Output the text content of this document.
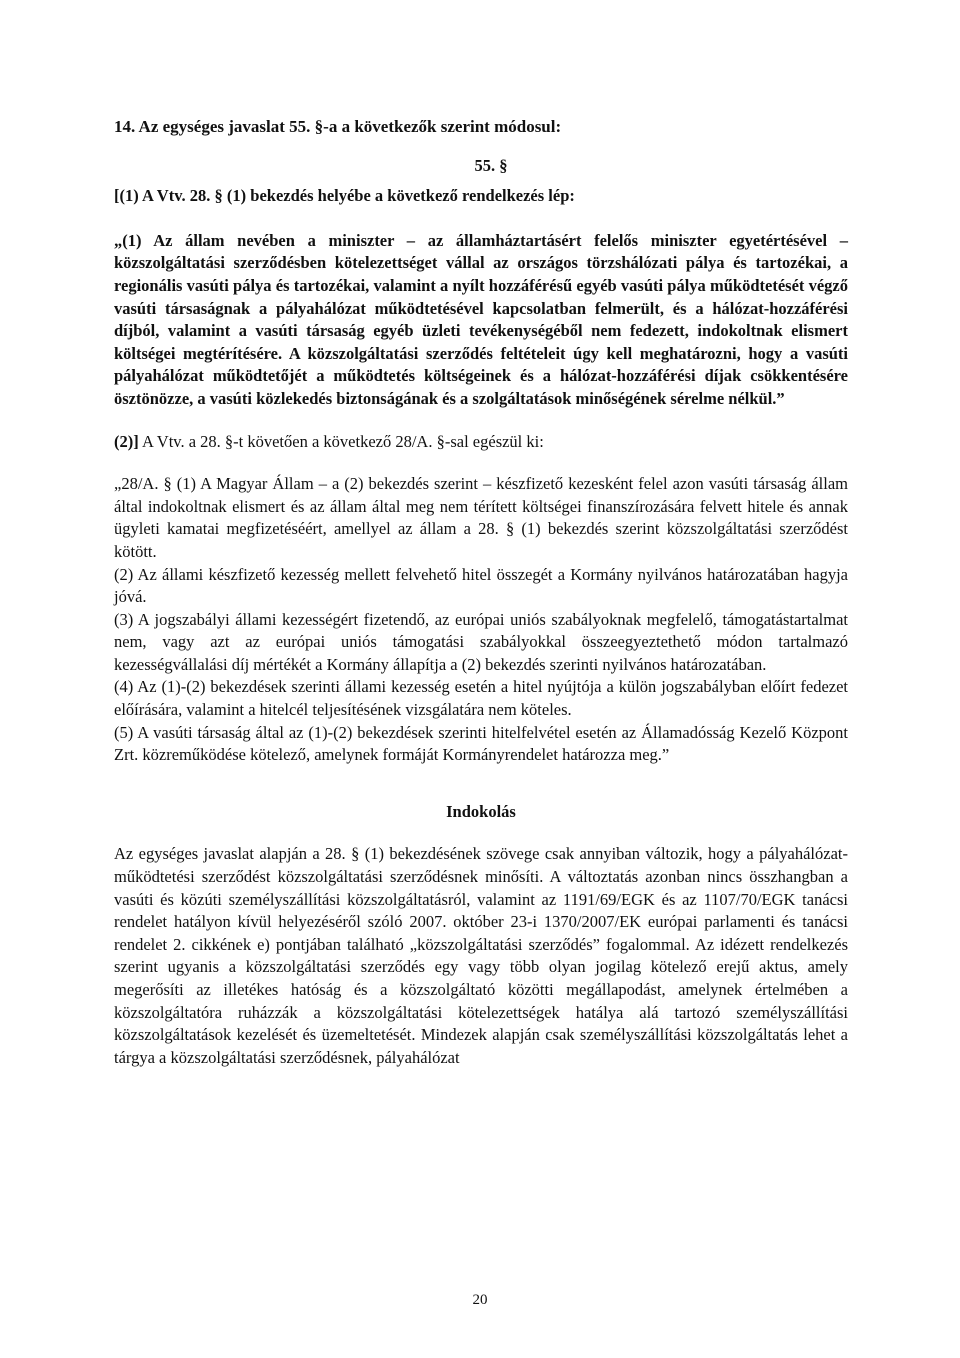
14. Az egységes javaslat 55. §-a a következők szerint módosul:

55. §

[(1) A Vtv. 28. § (1) bekezdés helyébe a következő rendelkezés lép:

„(1) Az állam nevében a miniszter – az államháztartásért felelős miniszter egyetértésével – közszolgáltatási szerződésben kötelezettséget vállal az országos törzshálózati pálya és tartozékai, a regionális vasúti pálya és tartozékai, valamint a nyílt hozzáférésű egyéb vasúti pálya működtetését végző vasúti társaságnak a pályahálózat működtetésével kapcsolatban felmerült, és a hálózat-hozzáférési díjból, valamint a vasúti társaság egyéb üzleti tevékenységéből nem fedezett, indokoltnak elismert költségei megtérítésére. A közszolgáltatási szerződés feltételeit úgy kell meghatározni, hogy a vasúti pályahálózat működtetőjét a működtetés költségeinek és a hálózat-hozzáférési díjak csökkentésére ösztönözze, a vasúti közlekedés biztonságának és a szolgáltatások minőségének sérelme nélkül.”

(2)] A Vtv. a 28. §-t követően a következő 28/A. §-sal egészül ki:

„28/A. § (1) A Magyar Állam – a (2) bekezdés szerint – készfizető kezesként felel azon vasúti társaság állam által indokoltnak elismert és az állam által meg nem térített költségei finanszírozására felvett hitele és annak ügyleti kamatai megfizetéséért, amellyel az állam a 28. § (1) bekezdés szerint közszolgáltatási szerződést kötött.

(2) Az állami készfizető kezesség mellett felvehető hitel összegét a Kormány nyilvános határozatában hagyja jóvá.

(3) A jogszabályi állami kezességért fizetendő, az európai uniós szabályoknak megfelelő, támogatástartalmat nem, vagy azt az európai uniós támogatási szabályokkal összeegyeztethető módon tartalmazó kezességvállalási díj mértékét a Kormány állapítja a (2) bekezdés szerinti nyilvános határozatában.

(4) Az (1)-(2) bekezdések szerinti állami kezesség esetén a hitel nyújtója a külön jogszabályban előírt fedezet előírására, valamint a hitelcél teljesítésének vizsgálatára nem köteles.

(5) A vasúti társaság által az (1)-(2) bekezdések szerinti hitelfelvétel esetén az Államadósság Kezelő Központ Zrt. közreműködése kötelező, amelynek formáját Kormányrendelet határozza meg.”

Indokolás

Az egységes javaslat alapján a 28. § (1) bekezdésének szövege csak annyiban változik, hogy a pályahálózat-működtetési szerződést közszolgáltatási szerződésnek minősíti. A változtatás azonban nincs összhangban a vasúti és közúti személyszállítási közszolgáltatásról, valamint az 1191/69/EGK és az 1107/70/EGK tanácsi rendelet hatályon kívül helyezéséről szóló 2007. október 23-i 1370/2007/EK európai parlamenti és tanácsi rendelet 2. cikkének e) pontjában található „közszolgáltatási szerződés” fogalommal. Az idézett rendelkezés szerint ugyanis a közszolgáltatási szerződés egy vagy több olyan jogilag kötelező erejű aktus, amely megerősíti az illetékes hatóság és a közszolgáltató közötti megállapodást, amelynek értelmében a közszolgáltatóra ruházzák a közszolgáltatási kötelezettségek hatálya alá tartozó személyszállítási közszolgáltatások kezelését és üzemeltetését. Mindezek alapján csak személyszállítási közszolgáltatás lehet a tárgya a közszolgáltatási szerződésnek, pályahálózat

20
